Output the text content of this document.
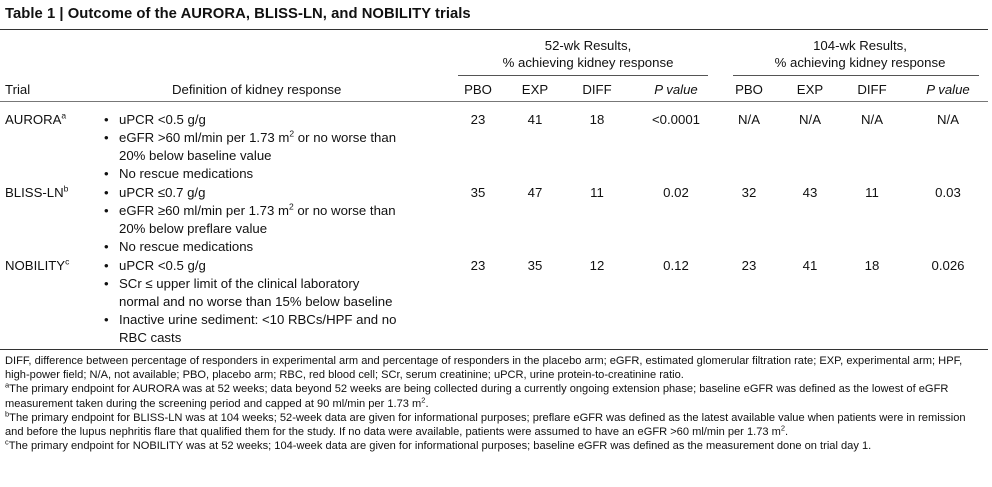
Table 1 | Outcome of the AURORA, BLISS-LN, and NOBILITY trials
52-wk Results,
% achieving kidney response
104-wk Results,
% achieving kidney response
Trial	Definition of kidney response	PBO	EXP	DIFF	P value	PBO	EXP	DIFF	P value
AURORA$^a$	• uPCR <0.5 g/g
• eGFR >60 ml/min per 1.73 $m^2$ or no worse than
20% below baseline value
• No rescue medications
23	41	18	<0.0001	N/A	N/A	N/A	N/A
BLISS-$LN^b$	• uPCR ≤0.7 g/g
• eGFR ≥60 ml/min per 1.73 $m^2$ or no worse than
20% below preflare value
• No rescue medications
35	47	11	0.02	32	43	11	0.03
NOBILITY$^c$	• uPCR <0.5 g/g
• SCr ≤ upper limit of the clinical laboratory
normal and no worse than 15% below baseline
• Inactive urine sediment: <10 RBCs/HPF and no
RBC casts
23	35	12	0.12	23	41	18	0.026

DIFF, difference between percentage of responders in experimental arm and percentage of responders in the placebo arm; eGFR, estimated glomerular filtration rate; EXP, experimental arm; HPF, high-power field; N/A, not available; PBO, placebo arm; RBC, red blood cell; SCr, serum creatinine; uPCR, urine protein-to-creatinine ratio.

$^a$The primary endpoint for AURORA was at 52 weeks; data beyond 52 weeks are being collected during a currently ongoing extension phase; baseline eGFR was defined as the lowest of eGFR measurement taken during the screening period and capped at 90 ml/min per 1.73 $m^2$.

$^b$The primary endpoint for BLISS-LN was at 104 weeks; 52-week data are given for informational purposes; preflare eGFR was defined as the latest available value when patients were in remission and before the lupus nephritis flare that qualified them for the study. If no data were available, patients were assumed to have an eGFR >60 ml/min per 1.73 $m^2$.

$^c$The primary endpoint for NOBILITY was at 52 weeks; 104-week data are given for informational purposes; baseline eGFR was defined as the measurement done on trial day 1.
